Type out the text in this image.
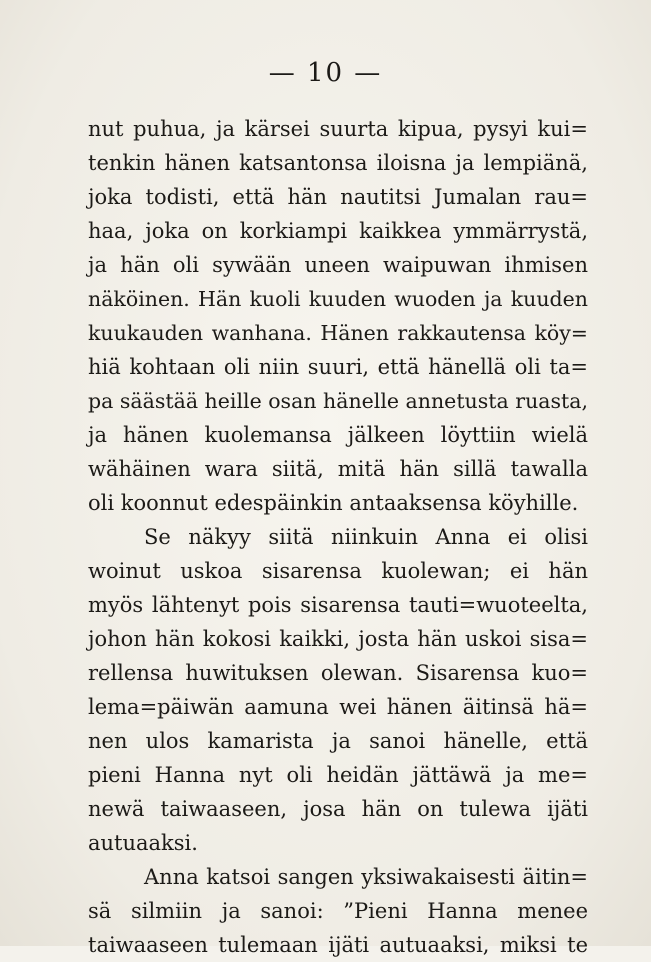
— 10 —
nut puhua, ja kärsei suurta kipua, pysyi kui=
tenkin hänen katsantonsa iloisna ja lempiänä,
joka todisti, että hän nautitsi Jumalan rau=
haa, joka on korkiampi kaikkea ymmärrystä,
ja hän oli sywään uneen waipuwan ihmisen
näköinen. Hän kuoli kuuden wuoden ja kuuden
kuukauden wanhana. Hänen rakkautensa köy=
hiä kohtaan oli niin suuri, että hänellä oli ta=
pa säästää heille osan hänelle annetusta ruasta,
ja hänen kuolemansa jälkeen löyttiin wielä
wähäinen wara siitä, mitä hän sillä tawalla
oli koonnut edespäinkin antaaksensa köyhille.
Se näkyy siitä niinkuin Anna ei olisi
woinut uskoa sisarensa kuolewan; ei hän
myös lähtenyt pois sisarensa tauti=wuoteelta,
johon hän kokosi kaikki, josta hän uskoi sisa=
rellensa huwituksen olewan. Sisarensa kuo=
lema=päiwän aamuna wei hänen äitinsä hä=
nen ulos kamarista ja sanoi hänelle, että
pieni Hanna nyt oli heidän jättäwä ja me=
newä taiwaaseen, josa hän on tulewa ijäti
autuaaksi.
Anna katsoi sangen yksiwakaisesti äitin=
sä silmiin ja sanoi: ”Pieni Hanna menee
taiwaaseen tulemaan ijäti autuaaksi, miksi te
